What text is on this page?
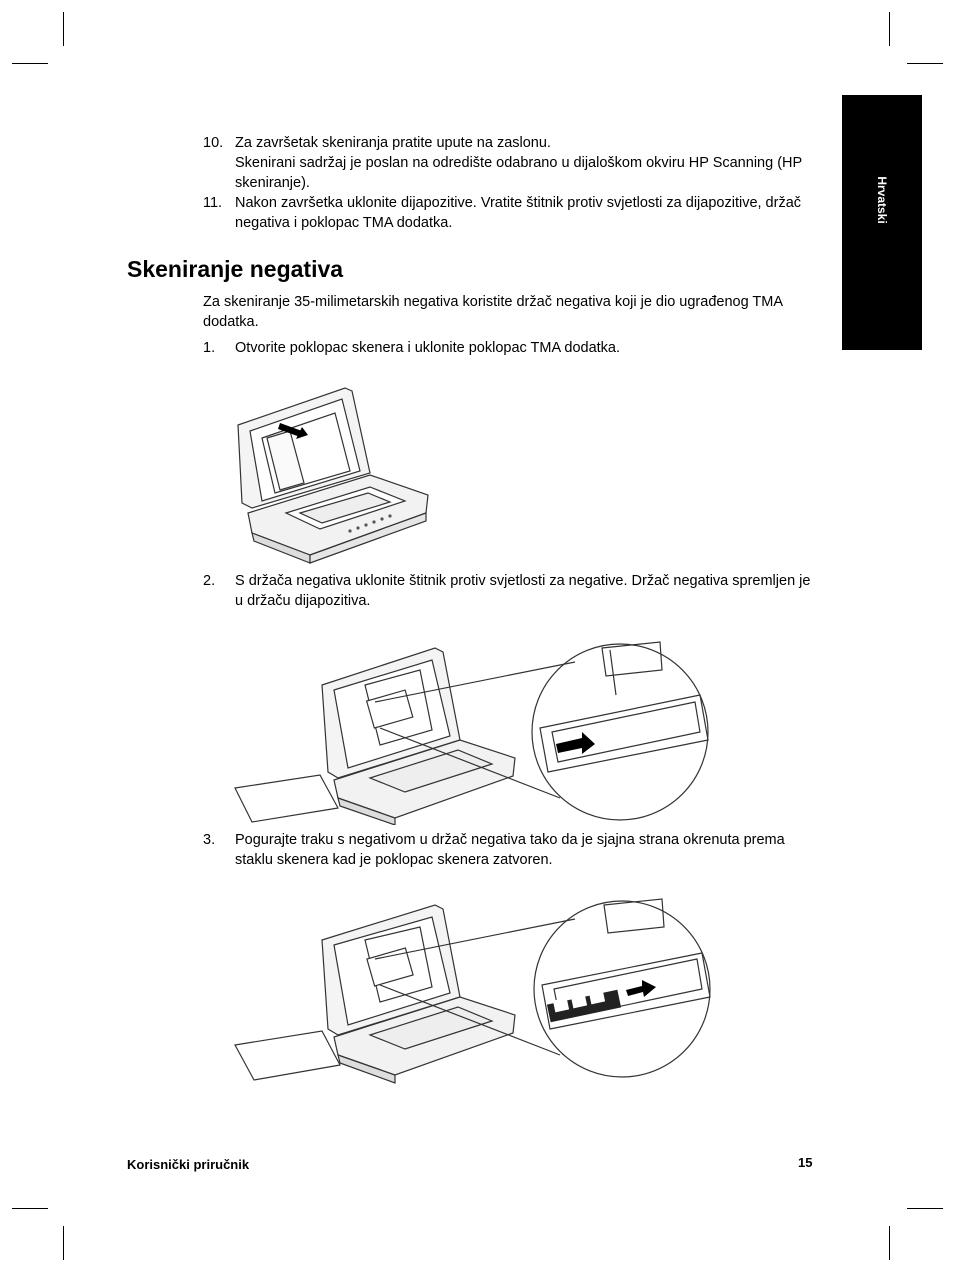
Hrvatski
10. Za završetak skeniranja pratite upute na zaslonu.
Skenirani sadržaj je poslan na odredište odabrano u dijaloškom okviru HP Scanning (HP skeniranje).
11. Nakon završetka uklonite dijapozitive. Vratite štitnik protiv svjetlosti za dijapozitive, držač negativa i poklopac TMA dodatka.
Skeniranje negativa
Za skeniranje 35-milimetarskih negativa koristite držač negativa koji je dio ugrađenog TMA dodatka.
1. Otvorite poklopac skenera i uklonite poklopac TMA dodatka.
2. S držača negativa uklonite štitnik protiv svjetlosti za negative. Držač negativa spremljen je u držaču dijapozitiva.
3. Pogurajte traku s negativom u držač negativa tako da je sjajna strana okrenuta prema staklu skenera kad je poklopac skenera zatvoren.
Korisnički priručnik	15
